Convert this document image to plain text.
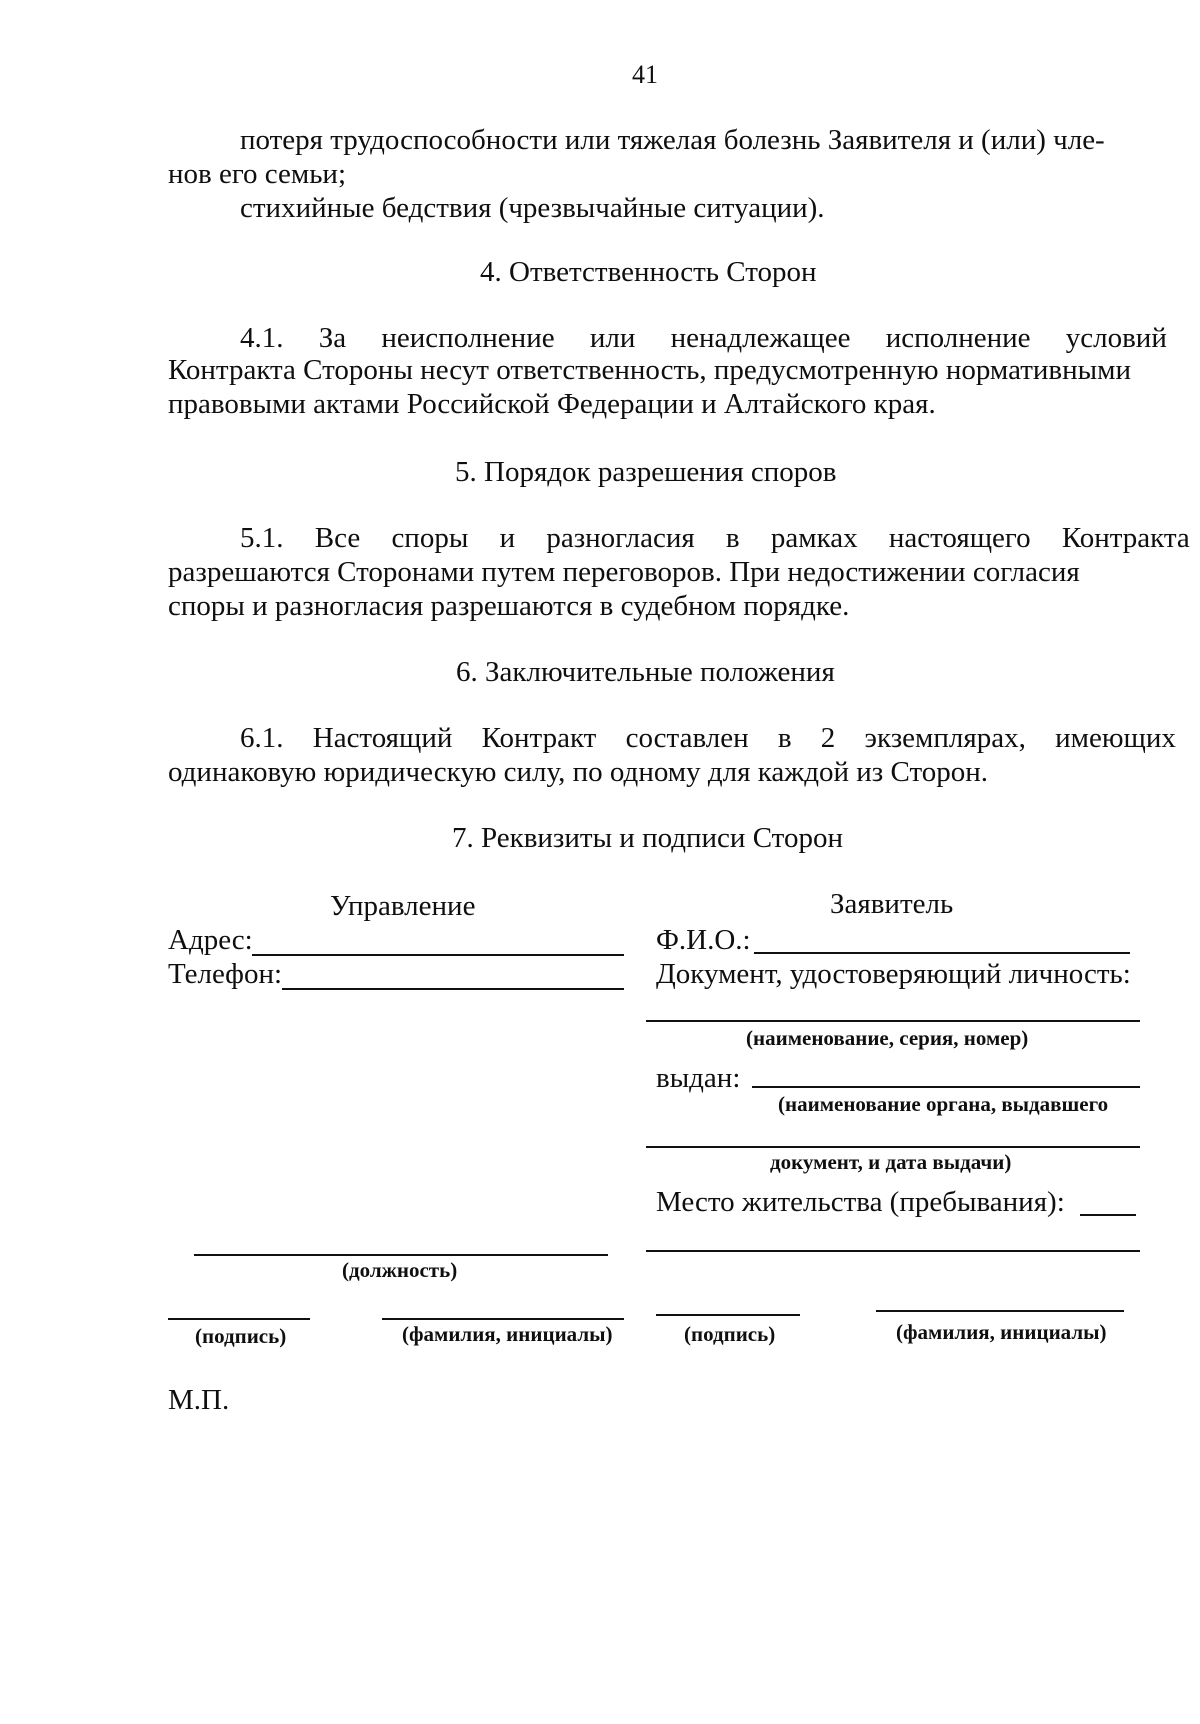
41
потеря трудоспособности или тяжелая болезнь Заявителя и (или) чле-
нов его семьи;
стихийные бедствия (чрезвычайные ситуации).
4. Ответственность Сторон
4.1. За неисполнение или ненадлежащее исполнение условий
Контракта Стороны несут ответственность, предусмотренную нормативными
правовыми актами Российской Федерации и Алтайского края.
5. Порядок разрешения споров
5.1. Все споры и разногласия в рамках настоящего Контракта
разрешаются Сторонами путем переговоров. При недостижении согласия
споры и разногласия разрешаются в судебном порядке.
6. Заключительные положения
6.1. Настоящий Контракт составлен в 2 экземплярах, имеющих
одинаковую юридическую силу, по одному для каждой из Сторон.
7. Реквизиты и подписи Сторон
Управление
Адрес:
Телефон:
(должность)
(подпись)	(фамилия, инициалы)
М.П.
Заявитель
Ф.И.О.:
Документ, удостоверяющий личность:
(наименование, серия, номер)
выдан:
(наименование органа, выдавшего
документ, и дата выдачи)
Место жительства (пребывания):
(подпись)	(фамилия, инициалы)
